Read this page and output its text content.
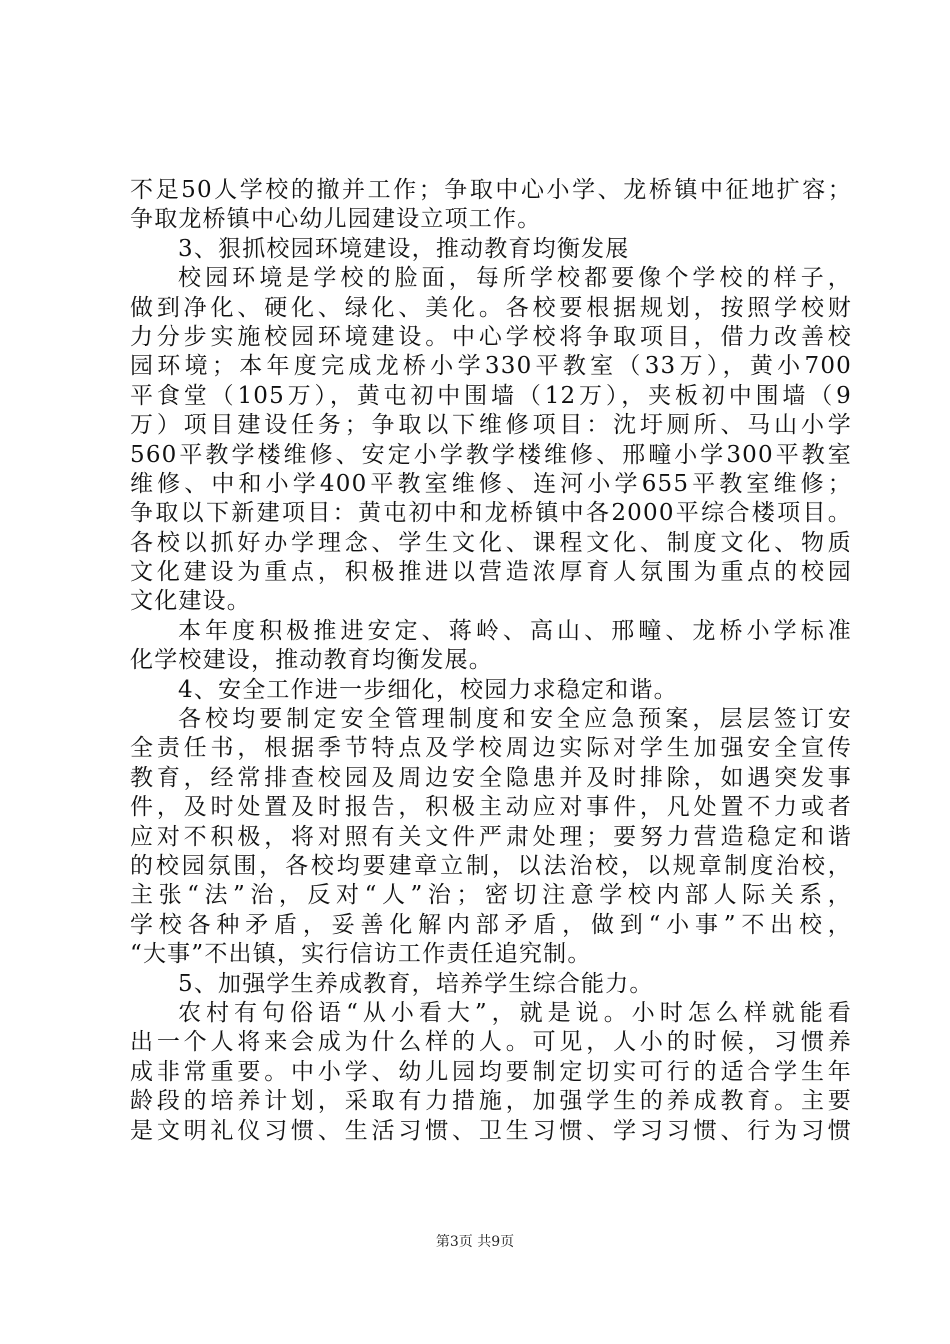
不足50人学校的撤并工作；争取中心小学、龙桥镇中征地扩容；
争取龙桥镇中心幼儿园建设立项工作。
3、狠抓校园环境建设，推动教育均衡发展
校园环境是学校的脸面，每所学校都要像个学校的样子，
做到净化、硬化、绿化、美化。各校要根据规划，按照学校财
力分步实施校园环境建设。中心学校将争取项目，借力改善校
园环境；本年度完成龙桥小学330平教室（33万），黄小700
平食堂（105万），黄屯初中围墙（12万），夹板初中围墙（9
万）项目建设任务；争取以下维修项目：沈圩厕所、马山小学
560平教学楼维修、安定小学教学楼维修、邢疃小学300平教室
维修、中和小学400平教室维修、连河小学655平教室维修；
争取以下新建项目：黄屯初中和龙桥镇中各2000平综合楼项目。
各校以抓好办学理念、学生文化、课程文化、制度文化、物质
文化建设为重点，积极推进以营造浓厚育人氛围为重点的校园
文化建设。
本年度积极推进安定、蒋岭、高山、邢疃、龙桥小学标准
化学校建设，推动教育均衡发展。
4、安全工作进一步细化，校园力求稳定和谐。
各校均要制定安全管理制度和安全应急预案，层层签订安
全责任书，根据季节特点及学校周边实际对学生加强安全宣传
教育，经常排查校园及周边安全隐患并及时排除，如遇突发事
件，及时处置及时报告，积极主动应对事件，凡处置不力或者
应对不积极，将对照有关文件严肃处理；要努力营造稳定和谐
的校园氛围，各校均要建章立制，以法治校，以规章制度治校，
主张“法”治，反对“人”治；密切注意学校内部人际关系，
学校各种矛盾，妥善化解内部矛盾，做到“小事”不出校，
“大事”不出镇，实行信访工作责任追究制。
5、加强学生养成教育，培养学生综合能力。
农村有句俗语“从小看大”，就是说。小时怎么样就能看
出一个人将来会成为什么样的人。可见，人小的时候，习惯养
成非常重要。中小学、幼儿园均要制定切实可行的适合学生年
龄段的培养计划，采取有力措施，加强学生的养成教育。主要
是文明礼仪习惯、生活习惯、卫生习惯、学习习惯、行为习惯
第3页 共9页
